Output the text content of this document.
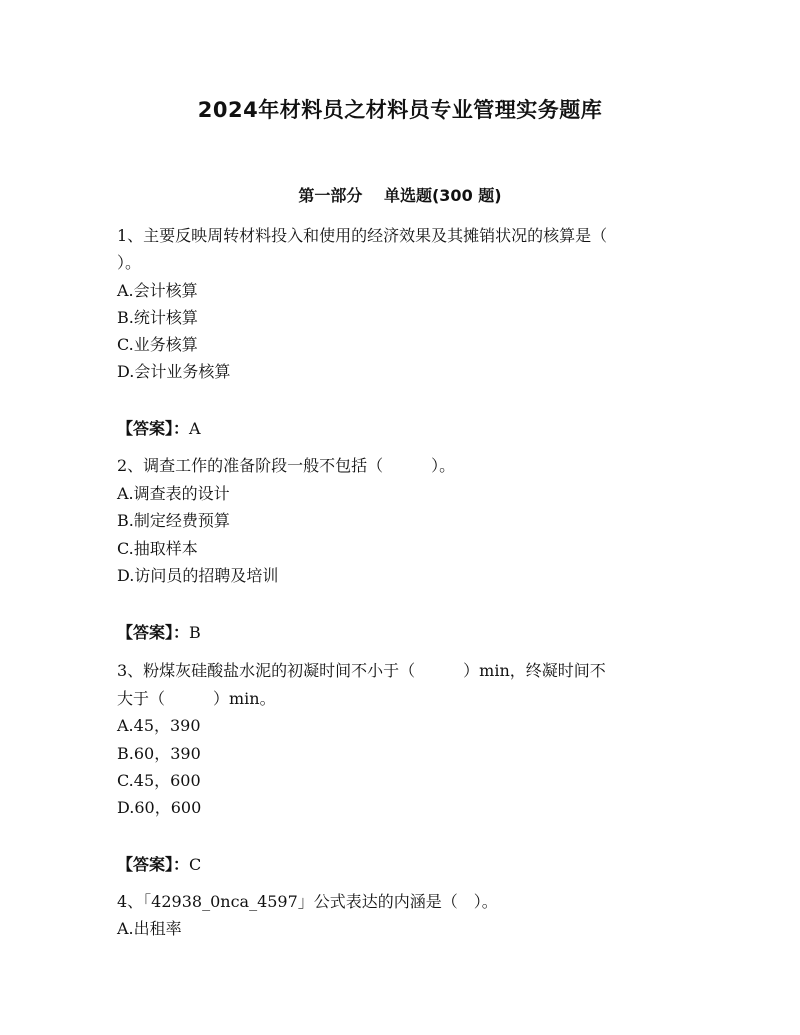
2024年材料员之材料员专业管理实务题库
第一部分　 单选题(300 题)
1、主要反映周转材料投入和使用的经济效果及其摊销状况的核算是（
）。
A.会计核算
B.统计核算
C.业务核算
D.会计业务核算
【答案】：A
2、调查工作的准备阶段一般不包括（　　　）。
A.调查表的设计
B.制定经费预算
C.抽取样本
D.访问员的招聘及培训
【答案】：B
3、粉煤灰硅酸盐水泥的初凝时间不小于（　　　）min，终凝时间不
大于（　　　）min。
A.45，390
B.60，390
C.45，600
D.60，600
【答案】：C
4、「42938_0nca_4597」公式表达的内涵是（　）。
A.出租率
